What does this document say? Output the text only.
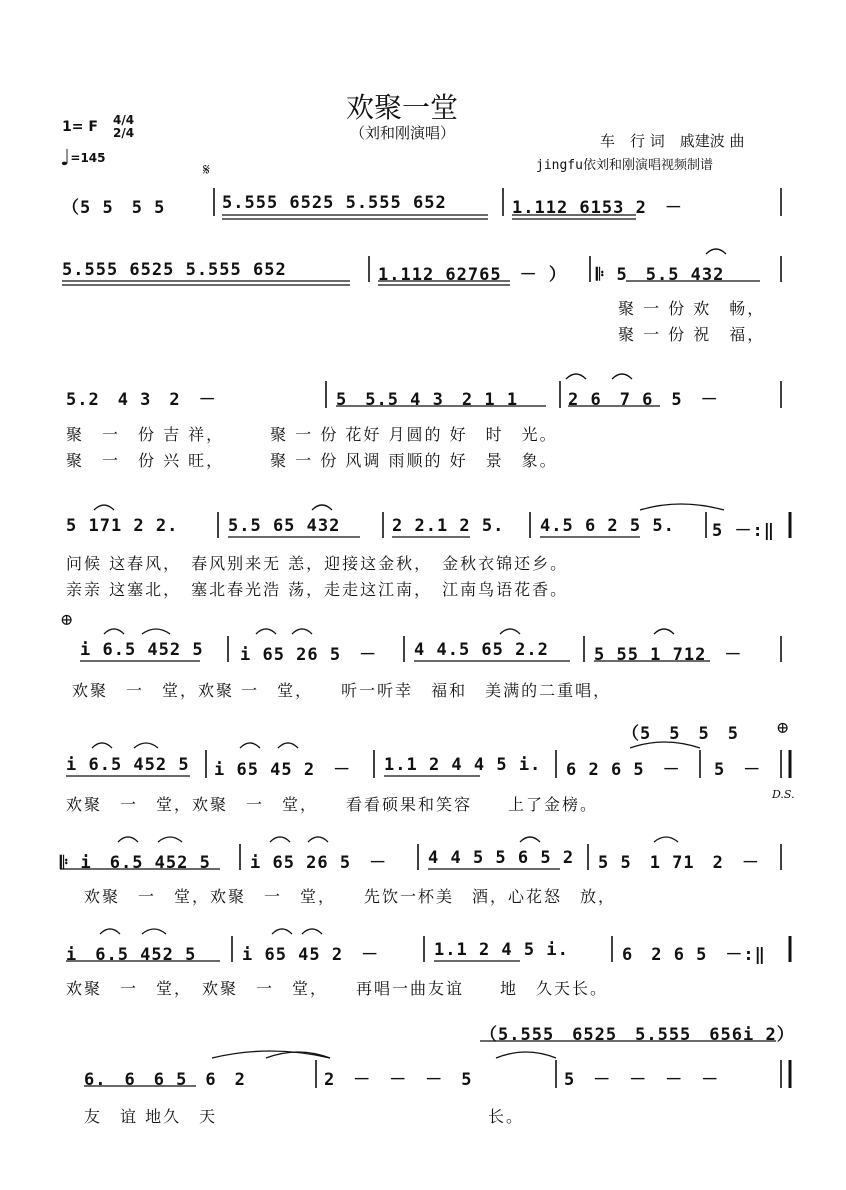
欢聚一堂
（刘和刚演唱）
1= F 4/4 2/4
♩=145
车　行 词　戚建波 曲
jingfu依刘和刚演唱视频制谱
𝄋
（5 5　5 5	5.555 6525 5.555 652	1.112 6153 2　－
5.555 6525 5.555 652	1.112 62765　－ ） 𝄆 5　5.5 432
聚 一 份 欢　畅，
聚 一 份 祝　福，
5.2　4 3　2　－	5　5.5 4 3　2 1 1	2 6　7 6　5　－
聚　一　份 吉 祥，　　　聚 一 份 花好 月圆的 好　时　光。
聚　一　份 兴 旺，　　　聚 一 份 风调 雨顺的 好　景　象。
5 171 2 2.	5.5 65 432	2 2.1 2 5. 4.5 6 2 5 5. 5 －:‖
问候 这春风，　春风别来无 恙，迎接这金秋，　金秋衣锦还乡。
亲亲 这塞北，　塞北春光浩 荡，走走这江南，　江南鸟语花香。
⊕
i 6.5 452 5 i 65 26 5　－ 4 4.5 65 2.2	5 55 1 712　－
欢聚　一　堂，欢聚 一　堂，　　听一听幸　福和　美满的二重唱，
（5　5　5　5 ⊕
i 6.5 452 5 i 65 45 2　－ 1.1 2 4 4 5 i. 6 2 6 5　－ 5　－
欢聚　一　堂，欢聚　一　堂，　　看看硕果和笑容　　上了金榜。
D.S.
𝄆 i　6.5 452 5 i 65 26 5　－ 4 4 5 5 6 5 2 5 5　1 71　2　－
欢聚　一　堂，欢聚　一　堂，　　先饮一杯美　酒，心花怒　放，
i　6.5 452 5	i 65 45 2　－	1.1 2 4 5 i.	6　2 6 5　－:‖
欢聚　一　堂，　欢聚　一　堂，　　再唱一曲友谊　　地　久天长。
（5.555　6525　5.555　656i 2）
6.　6　6 5　6　2	2　－　－　－　5	5　－　－　－　－
友　谊 地久　天	长。
